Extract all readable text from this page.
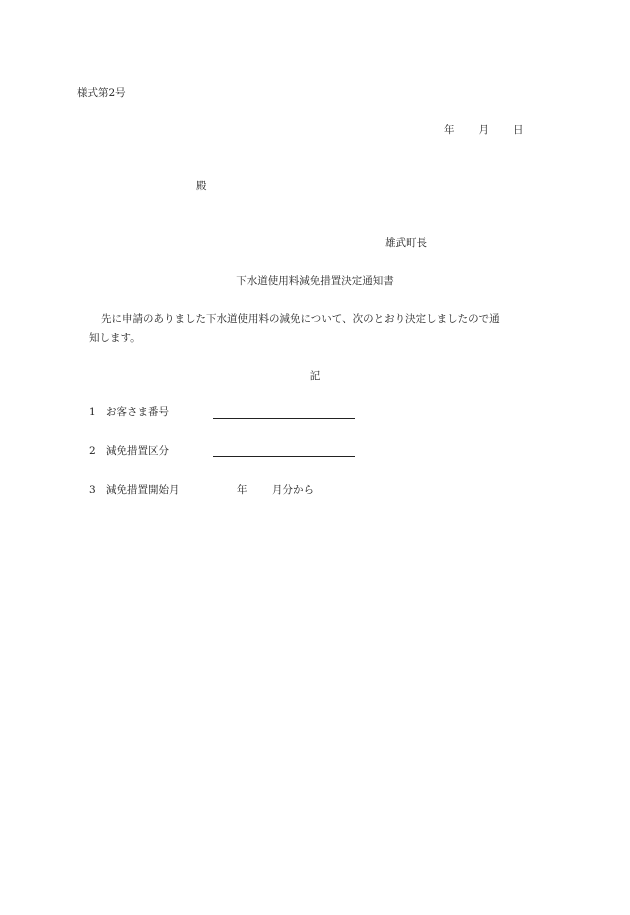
様式第2号
年 月 日
殿
雄武町長
下水道使用料減免措置決定通知書
先に申請のありました下水道使用料の減免について、次のとおり決定しましたので通
知します。
記
1 お客さま番号
2 減免措置区分
3 減免措置開始月	年 月分から
